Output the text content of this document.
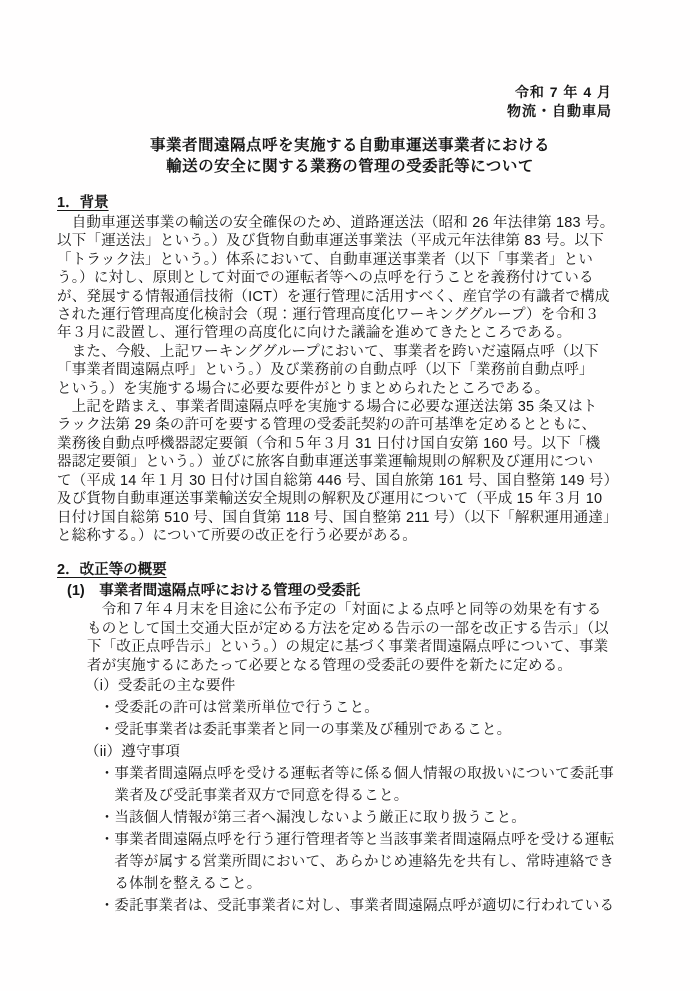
令和 7 年 4 月
物流・自動車局
事業者間遠隔点呼を実施する自動車運送事業者における
輸送の安全に関する業務の管理の受委託等について
1．背景
　自動車運送事業の輸送の安全確保のため、道路運送法（昭和 26 年法律第 183 号。
以下「運送法」という。）及び貨物自動車運送事業法（平成元年法律第 83 号。以下
「トラック法」という。）体系において、自動車運送事業者（以下「事業者」とい
う。）に対し、原則として対面での運転者等への点呼を行うことを義務付けている
が、発展する情報通信技術（ICT）を運行管理に活用すべく、産官学の有識者で構成
された運行管理高度化検討会（現：運行管理高度化ワーキンググループ）を令和３
年３月に設置し、運行管理の高度化に向けた議論を進めてきたところである。
　また、今般、上記ワーキンググループにおいて、事業者を跨いだ遠隔点呼（以下
「事業者間遠隔点呼」という。）及び業務前の自動点呼（以下「業務前自動点呼」
という。）を実施する場合に必要な要件がとりまとめられたところである。
　上記を踏まえ、事業者間遠隔点呼を実施する場合に必要な運送法第 35 条又はト
ラック法第 29 条の許可を要する管理の受委託契約の許可基準を定めるとともに、
業務後自動点呼機器認定要領（令和５年３月 31 日付け国自安第 160 号。以下「機
器認定要領」という。）並びに旅客自動車運送事業運輸規則の解釈及び運用につい
て（平成 14 年１月 30 日付け国自総第 446 号、国自旅第 161 号、国自整第 149 号）
及び貨物自動車運送事業輸送安全規則の解釈及び運用について（平成 15 年３月 10
日付け国自総第 510 号、国自貨第 118 号、国自整第 211 号）（以下「解釈運用通達」
と総称する。）について所要の改正を行う必要がある。
2．改正等の概要
(1)　事業者間遠隔点呼における管理の受委託
　令和７年４月末を目途に公布予定の「対面による点呼と同等の効果を有する
ものとして国土交通大臣が定める方法を定める告示の一部を改正する告示」（以
下「改正点呼告示」という。）の規定に基づく事業者間遠隔点呼について、事業
者が実施するにあたって必要となる管理の受委託の要件を新たに定める。
（i）受委託の主な要件
　・受委託の許可は営業所単位で行うこと。
　・受託事業者は委託事業者と同一の事業及び種別であること。
（ii）遵守事項
　・事業者間遠隔点呼を受ける運転者等に係る個人情報の取扱いについて委託事
　　業者及び受託事業者双方で同意を得ること。
　・当該個人情報が第三者へ漏洩しないよう厳正に取り扱うこと。
　・事業者間遠隔点呼を行う運行管理者等と当該事業者間遠隔点呼を受ける運転
　　者等が属する営業所間において、あらかじめ連絡先を共有し、常時連絡でき
　　る体制を整えること。
　・委託事業者は、受託事業者に対し、事業者間遠隔点呼が適切に行われている
